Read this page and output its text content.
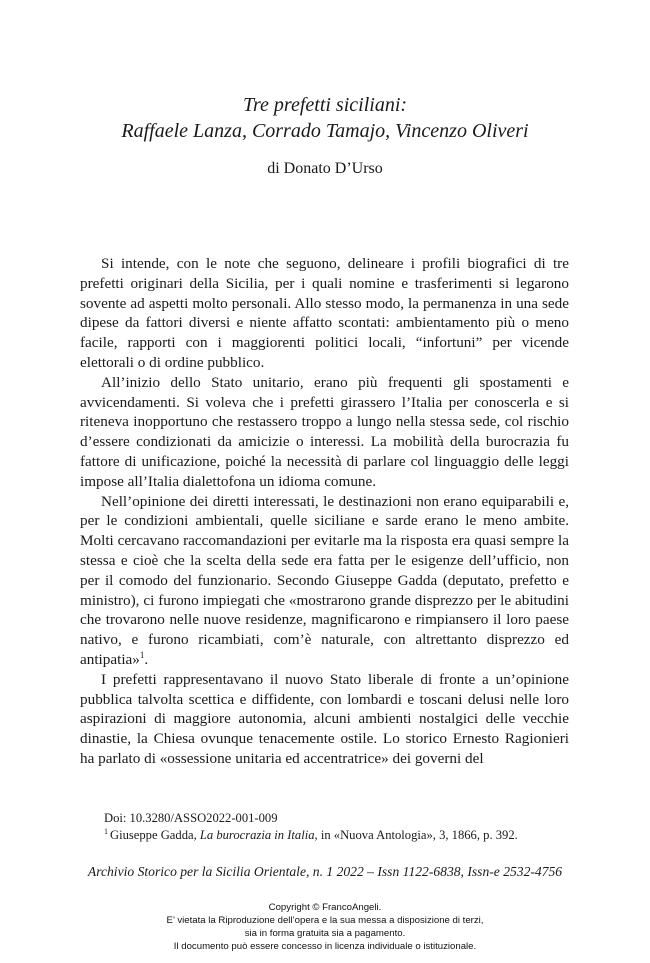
Tre prefetti siciliani:
Raffaele Lanza, Corrado Tamajo, Vincenzo Oliveri
di Donato D’Urso

Si intende, con le note che seguono, delineare i profili biografici di tre prefetti originari della Sicilia, per i quali nomine e trasferimenti si legarono sovente ad aspetti molto personali. Allo stesso modo, la permanenza in una sede dipese da fattori diversi e niente affatto scontati: ambientamento più o meno facile, rapporti con i maggiorenti politici locali, “infortuni” per vicende elettorali o di ordine pubblico.

All’inizio dello Stato unitario, erano più frequenti gli spostamenti e avvicendamenti. Si voleva che i prefetti girassero l’Italia per conoscerla e si riteneva inopportuno che restassero troppo a lungo nella stessa sede, col rischio d’essere condizionati da amicizie o interessi. La mobilità della burocrazia fu fattore di unificazione, poiché la necessità di parlare col linguaggio delle leggi impose all’Italia dialettofona un idioma comune.

Nell’opinione dei diretti interessati, le destinazioni non erano equiparabili e, per le condizioni ambientali, quelle siciliane e sarde erano le meno ambite. Molti cercavano raccomandazioni per evitarle ma la risposta era quasi sempre la stessa e cioè che la scelta della sede era fatta per le esigenze dell’ufficio, non per il comodo del funzionario. Secondo Giuseppe Gadda (deputato, prefetto e ministro), ci furono impiegati che «mostrarono grande disprezzo per le abitudini che trovarono nelle nuove residenze, magnificarono e rimpiansero il loro paese nativo, e furono ricambiati, com’è naturale, con altrettanto disprezzo ed antipatia»$^1$.

I prefetti rappresentavano il nuovo Stato liberale di fronte a un’opinione pubblica talvolta scettica e diffidente, con lombardi e toscani delusi nelle loro aspirazioni di maggiore autonomia, alcuni ambienti nostalgici delle vecchie dinastie, la Chiesa ovunque tenacemente ostile. Lo storico Ernesto Ragionieri ha parlato di «ossessione unitaria ed accentratrice» dei governi del

Doi: 10.3280/ASSO2022-001-009
$^1$ Giuseppe Gadda, La burocrazia in Italia, in «Nuova Antologia», 3, 1866, p. 392.
Archivio Storico per la Sicilia Orientale, n. 1 2022 – Issn 1122-6838, Issn-e 2532-4756
Copyright © FrancoAngeli.
E’ vietata la Riproduzione dell’opera e la sua messa a disposizione di terzi,
sia in forma gratuita sia a pagamento.
Il documento può essere concesso in licenza individuale o istituzionale.
